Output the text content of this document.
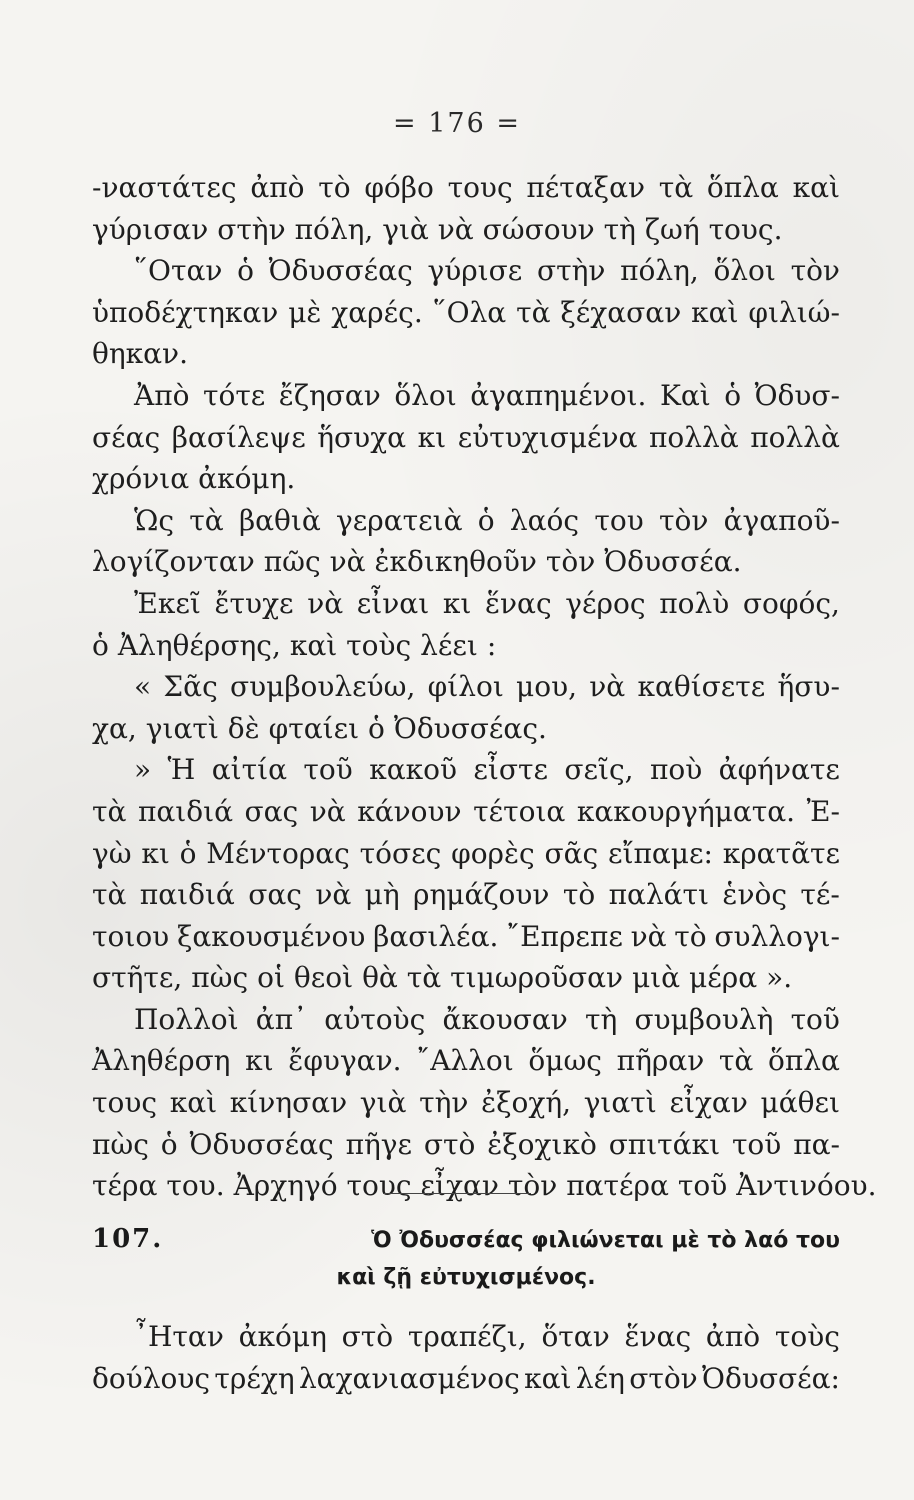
= 176 =
-ναστάτες ἀπὸ τὸ φόβο τους πέταξαν τὰ ὅπλα καὶ
γύρισαν στὴν πόλη, γιὰ νὰ σώσουν τὴ ζωή τους.
῞Οταν ὁ Ὀδυσσέας γύρισε στὴν πόλη, ὅλοι τὸν
ὑποδέχτηκαν μὲ χαρές. ῞Ολα τὰ ξέχασαν καὶ φιλιώ-
θηκαν.
Ἀπὸ τότε ἔζησαν ὅλοι ἀγαπημένοι. Καὶ ὁ Ὀδυσ-
σέας βασίλεψε ἥσυχα κι εὐτυχισμένα πολλὰ πολλὰ
χρόνια ἀκόμη.
Ὡς τὰ βαθιὰ γερατειὰ ὁ λαός του τὸν ἀγαποῦ-
λογίζονταν πῶς νὰ ἐκδικηθοῦν τὸν Ὀδυσσέα.
Ἐκεῖ ἔτυχε νὰ εἶναι κι ἕνας γέρος πολὺ σοφός,
ὁ Ἀληθέρσης, καὶ τοὺς λέει :
« Σᾶς συμβουλεύω, φίλοι μου, νὰ καθίσετε ἥσυ-
χα, γιατὶ δὲ φταίει ὁ Ὀδυσσέας.
» Ἡ αἰτία τοῦ κακοῦ εἶστε σεῖς, ποὺ ἀφήνατε
τὰ παιδιά σας νὰ κάνουν τέτοια κακουργήματα. Ἐ-
γὼ κι ὁ Μέντορας τόσες φορὲς σᾶς εἴπαμε: κρατᾶτε
τὰ παιδιά σας νὰ μὴ ρημάζουν τὸ παλάτι ἑνὸς τέ-
τοιου ξακουσμένου βασιλέα. ῎Επρεπε νὰ τὸ συλλογι-
στῆτε, πὼς οἱ θεοὶ θὰ τὰ τιμωροῦσαν μιὰ μέρα ».
Πολλοὶ ἀπ᾽ αὐτοὺς ἄκουσαν τὴ συμβουλὴ τοῦ
Ἀληθέρση κι ἔφυγαν. ῎Αλλοι ὅμως πῆραν τὰ ὅπλα
τους καὶ κίνησαν γιὰ τὴν ἐξοχή, γιατὶ εἶχαν μάθει
πὼς ὁ Ὀδυσσέας πῆγε στὸ ἐξοχικὸ σπιτάκι τοῦ πα-
τέρα του. Ἀρχηγό τους εἶχαν τὸν πατέρα τοῦ Ἀντινόου.
107.	Ὁ Ὀδυσσέας φιλιώνεται μὲ τὸ λαό του
καὶ ζῇ εὐτυχισμένος.
῏Ηταν ἀκόμη στὸ τραπέζι, ὅταν ἕνας ἀπὸ τοὺς
δούλους τρέχη λαχανιασμένος καὶ λέη στὸν Ὀδυσσέα:
